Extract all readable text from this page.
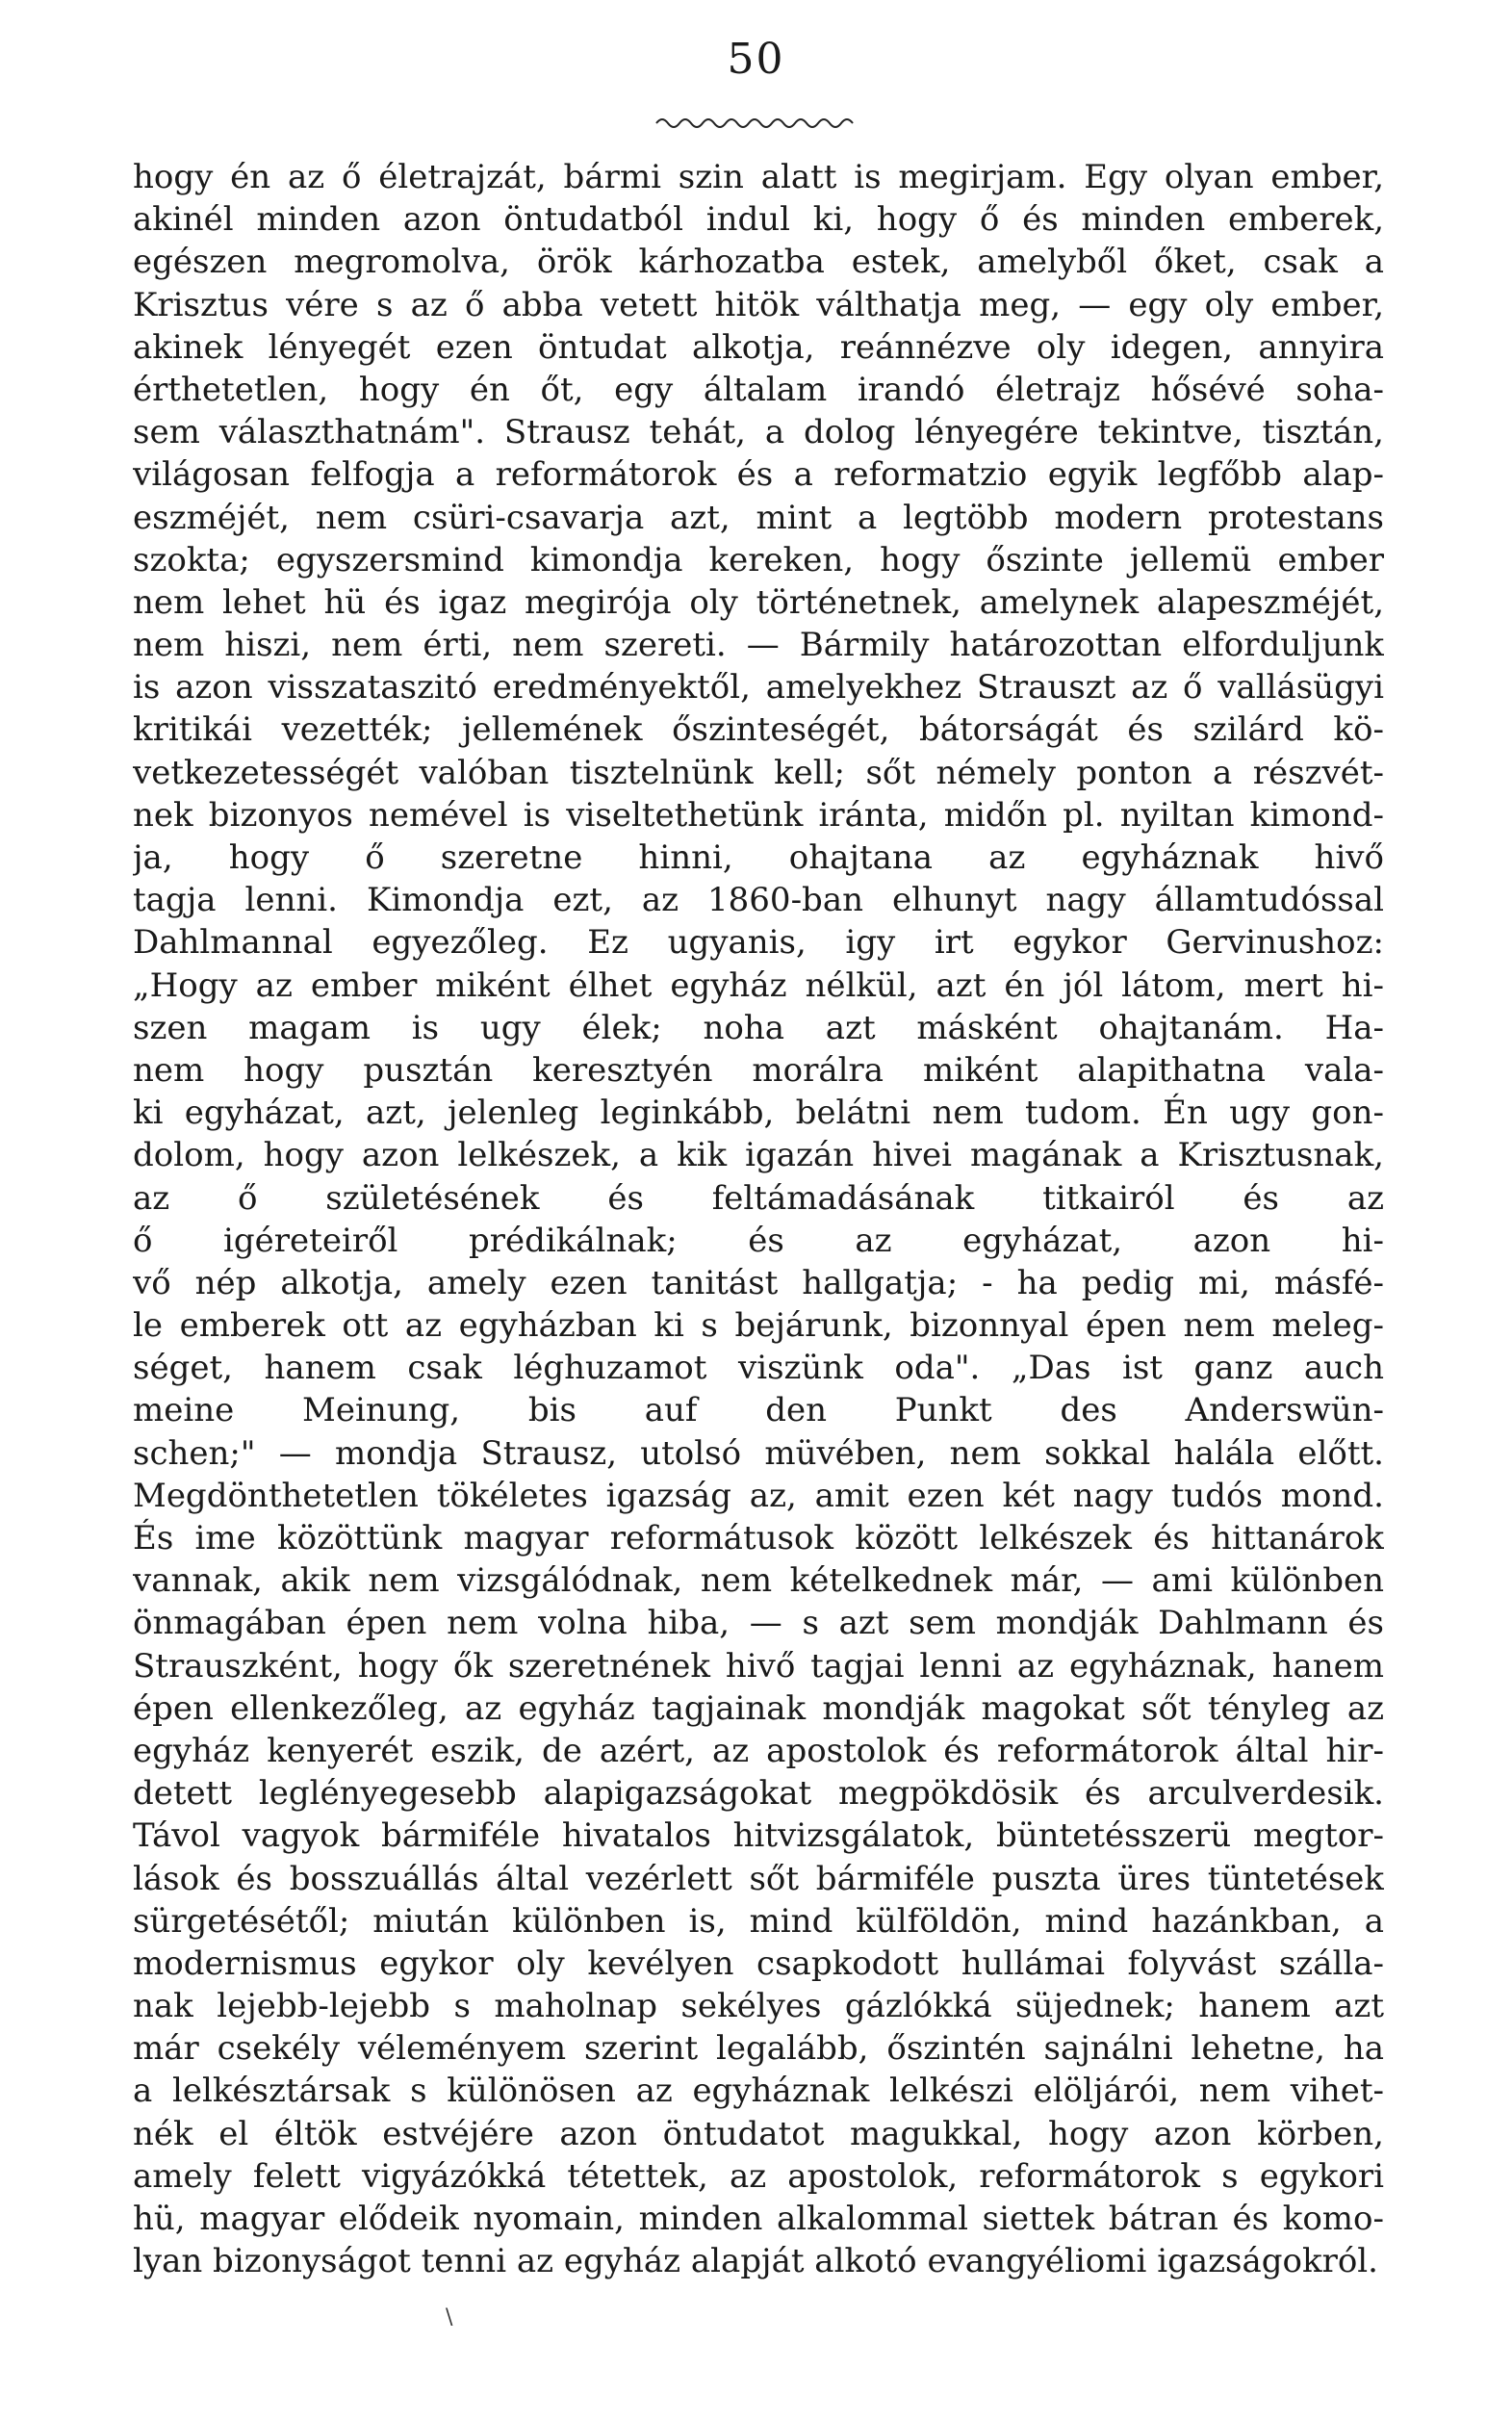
50
hogy én az ő életrajzát, bármi szin alatt is megirjam. Egy olyan ember,
akinél minden azon öntudatból indul ki, hogy ő és minden emberek,
egészen megromolva, örök kárhozatba estek, amelyből őket, csak a
Krisztus vére s az ő abba vetett hitök válthatja meg, — egy oly ember,
akinek lényegét ezen öntudat alkotja, reánnézve oly idegen, annyira
érthetetlen, hogy én őt, egy általam irandó életrajz hősévé soha-
sem választhatnám". Strausz tehát, a dolog lényegére tekintve, tisztán,
világosan felfogja a reformátorok és a reformatzio egyik legfőbb alap-
eszméjét, nem csüri-csavarja azt, mint a legtöbb modern protestans
szokta; egyszersmind kimondja kereken, hogy őszinte jellemü ember
nem lehet hü és igaz megirója oly történetnek, amelynek alapeszméjét,
nem hiszi, nem érti, nem szereti. — Bármily határozottan elforduljunk
is azon visszataszitó eredményektől, amelyekhez Strauszt az ő vallásügyi
kritikái vezették; jellemének őszinteségét, bátorságát és szilárd kö-
vetkezetességét valóban tisztelnünk kell; sőt némely ponton a részvét-
nek bizonyos nemével is viseltethetünk iránta, midőn pl. nyiltan kimond-
ja, hogy ő szeretne hinni, ohajtana az egyháznak hivő
tagja lenni. Kimondja ezt, az 1860-ban elhunyt nagy államtudóssal
Dahlmannal egyezőleg. Ez ugyanis, igy irt egykor Gervinushoz:
„Hogy az ember miként élhet egyház nélkül, azt én jól látom, mert hi-
szen magam is ugy élek; noha azt másként ohajtanám. Ha-
nem hogy pusztán keresztyén morálra miként alapithatna vala-
ki egyházat, azt, jelenleg leginkább, belátni nem tudom. Én ugy gon-
dolom, hogy azon lelkészek, a kik igazán hivei magának a Krisztusnak,
az ő születésének és feltámadásának titkairól és az
ő igéreteiről prédikálnak; és az egyházat, azon hi-
vő nép alkotja, amely ezen tanitást hallgatja; - ha pedig mi, másfé-
le emberek ott az egyházban ki s bejárunk, bizonnyal épen nem meleg-
séget, hanem csak léghuzamot viszünk oda". „Das ist ganz auch
meine Meinung, bis auf den Punkt des Anderswün-
schen;" — mondja Strausz, utolsó müvében, nem sokkal halála előtt.
Megdönthetetlen tökéletes igazság az, amit ezen két nagy tudós mond.
És ime közöttünk magyar reformátusok között lelkészek és hittanárok
vannak, akik nem vizsgálódnak, nem kételkednek már, — ami különben
önmagában épen nem volna hiba, — s azt sem mondják Dahlmann és
Strauszként, hogy ők szeretnének hivő tagjai lenni az egyháznak, hanem
épen ellenkezőleg, az egyház tagjainak mondják magokat sőt tényleg az
egyház kenyerét eszik, de azért, az apostolok és reformátorok által hir-
detett leglényegesebb alapigazságokat megpökdösik és arculverdesik.
Távol vagyok bármiféle hivatalos hitvizsgálatok, büntetésszerü megtor-
lások és bosszuállás által vezérlett sőt bármiféle puszta üres tüntetések
sürgetésétől; miután különben is, mind külföldön, mind hazánkban, a
modernismus egykor oly kevélyen csapkodott hullámai folyvást szálla-
nak lejebb-lejebb s maholnap sekélyes gázlókká süjednek; hanem azt
már csekély véleményem szerint legalább, őszintén sajnálni lehetne, ha
a lelkésztársak s különösen az egyháznak lelkészi elöljárói, nem vihet-
nék el éltök estvéjére azon öntudatot magukkal, hogy azon körben,
amely felett vigyázókká tétettek, az apostolok, reformátorok s egykori
hü, magyar elődeik nyomain, minden alkalommal siettek bátran és komo-
lyan bizonyságot tenni az egyház alapját alkotó evangyéliomi igazságokról.
\
